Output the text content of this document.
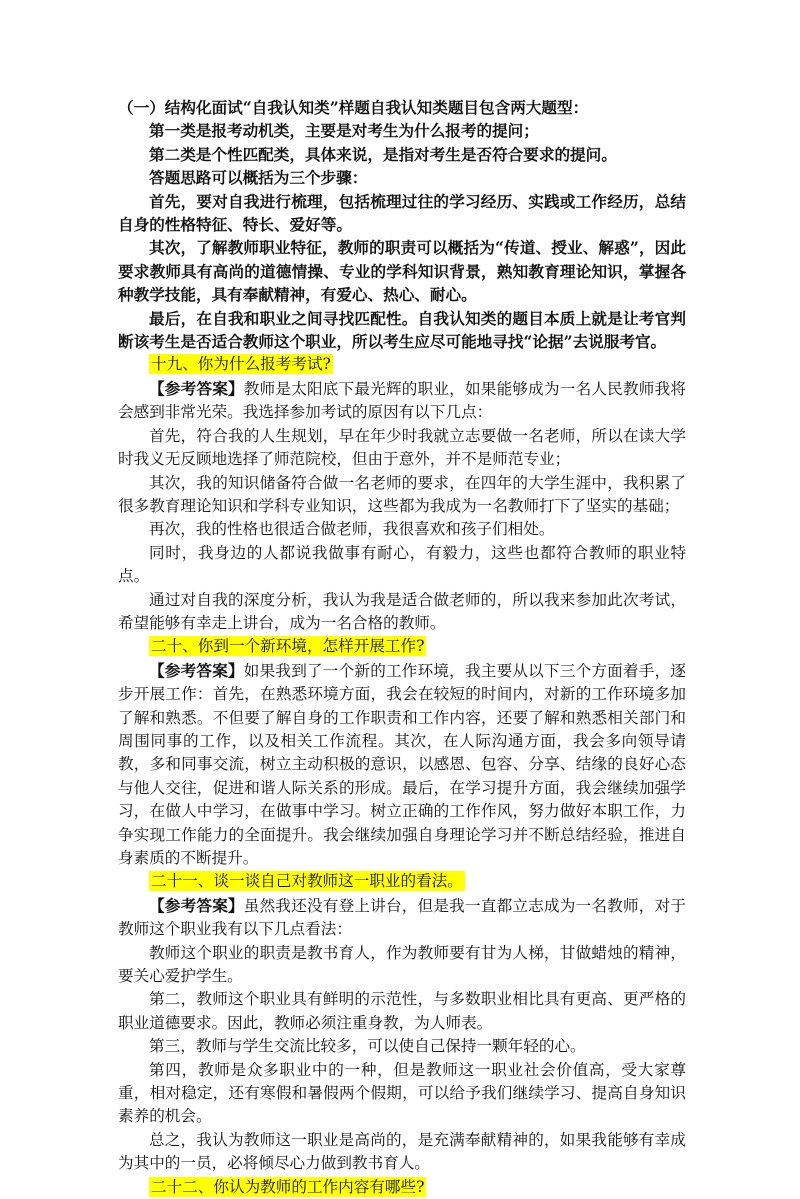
（一）结构化面试“自我认知类”样题自我认知类题目包含两大题型：

第一类是报考动机类，主要是对考生为什么报考的提问；

第二类是个性匹配类，具体来说，是指对考生是否符合要求的提问。

答题思路可以概括为三个步骤：

首先，要对自我进行梳理，包括梳理过往的学习经历、实践或工作经历，总结自身的性格特征、特长、爱好等。

其次，了解教师职业特征，教师的职责可以概括为“传道、授业、解惑”，因此要求教师具有高尚的道德情操、专业的学科知识背景，熟知教育理论知识，掌握各种教学技能，具有奉献精神，有爱心、热心、耐心。

最后，在自我和职业之间寻找匹配性。自我认知类的题目本质上就是让考官判断该考生是否适合教师这个职业，所以考生应尽可能地寻找“论据”去说服考官。

十九、你为什么报考考试?

【参考答案】教师是太阳底下最光辉的职业，如果能够成为一名人民教师我将会感到非常光荣。我选择参加考试的原因有以下几点：

首先，符合我的人生规划，早在年少时我就立志要做一名老师，所以在读大学时我义无反顾地选择了师范院校，但由于意外，并不是师范专业；

其次，我的知识储备符合做一名老师的要求，在四年的大学生涯中，我积累了很多教育理论知识和学科专业知识，这些都为我成为一名教师打下了坚实的基础；

再次，我的性格也很适合做老师，我很喜欢和孩子们相处。

同时，我身边的人都说我做事有耐心，有毅力，这些也都符合教师的职业特点。

通过对自我的深度分析，我认为我是适合做老师的，所以我来参加此次考试，希望能够有幸走上讲台，成为一名合格的教师。

二十、你到一个新环境，怎样开展工作?

【参考答案】如果我到了一个新的工作环境，我主要从以下三个方面着手，逐步开展工作：首先，在熟悉环境方面，我会在较短的时间内，对新的工作环境多加了解和熟悉。不但要了解自身的工作职责和工作内容，还要了解和熟悉相关部门和周围同事的工作，以及相关工作流程。其次，在人际沟通方面，我会多向领导请教，多和同事交流，树立主动积极的意识，以感恩、包容、分享、结缘的良好心态与他人交往，促进和谐人际关系的形成。最后，在学习提升方面，我会继续加强学习，在做人中学习，在做事中学习。树立正确的工作作风，努力做好本职工作，力争实现工作能力的全面提升。我会继续加强自身理论学习并不断总结经验，推进自身素质的不断提升。

二十一、谈一谈自己对教师这一职业的看法。

【参考答案】虽然我还没有登上讲台，但是我一直都立志成为一名教师，对于教师这个职业我有以下几点看法：

教师这个职业的职责是教书育人，作为教师要有甘为人梯，甘做蜡烛的精神，要关心爱护学生。

第二，教师这个职业具有鲜明的示范性，与多数职业相比具有更高、更严格的职业道德要求。因此，教师必须注重身教，为人师表。

第三，教师与学生交流比较多，可以使自己保持一颗年轻的心。

第四，教师是众多职业中的一种，但是教师这一职业社会价值高，受大家尊重，相对稳定，还有寒假和暑假两个假期，可以给予我们继续学习、提高自身知识素养的机会。

总之，我认为教师这一职业是高尚的，是充满奉献精神的，如果我能够有幸成为其中的一员，必将倾尽心力做到教书育人。

二十二、你认为教师的工作内容有哪些?
